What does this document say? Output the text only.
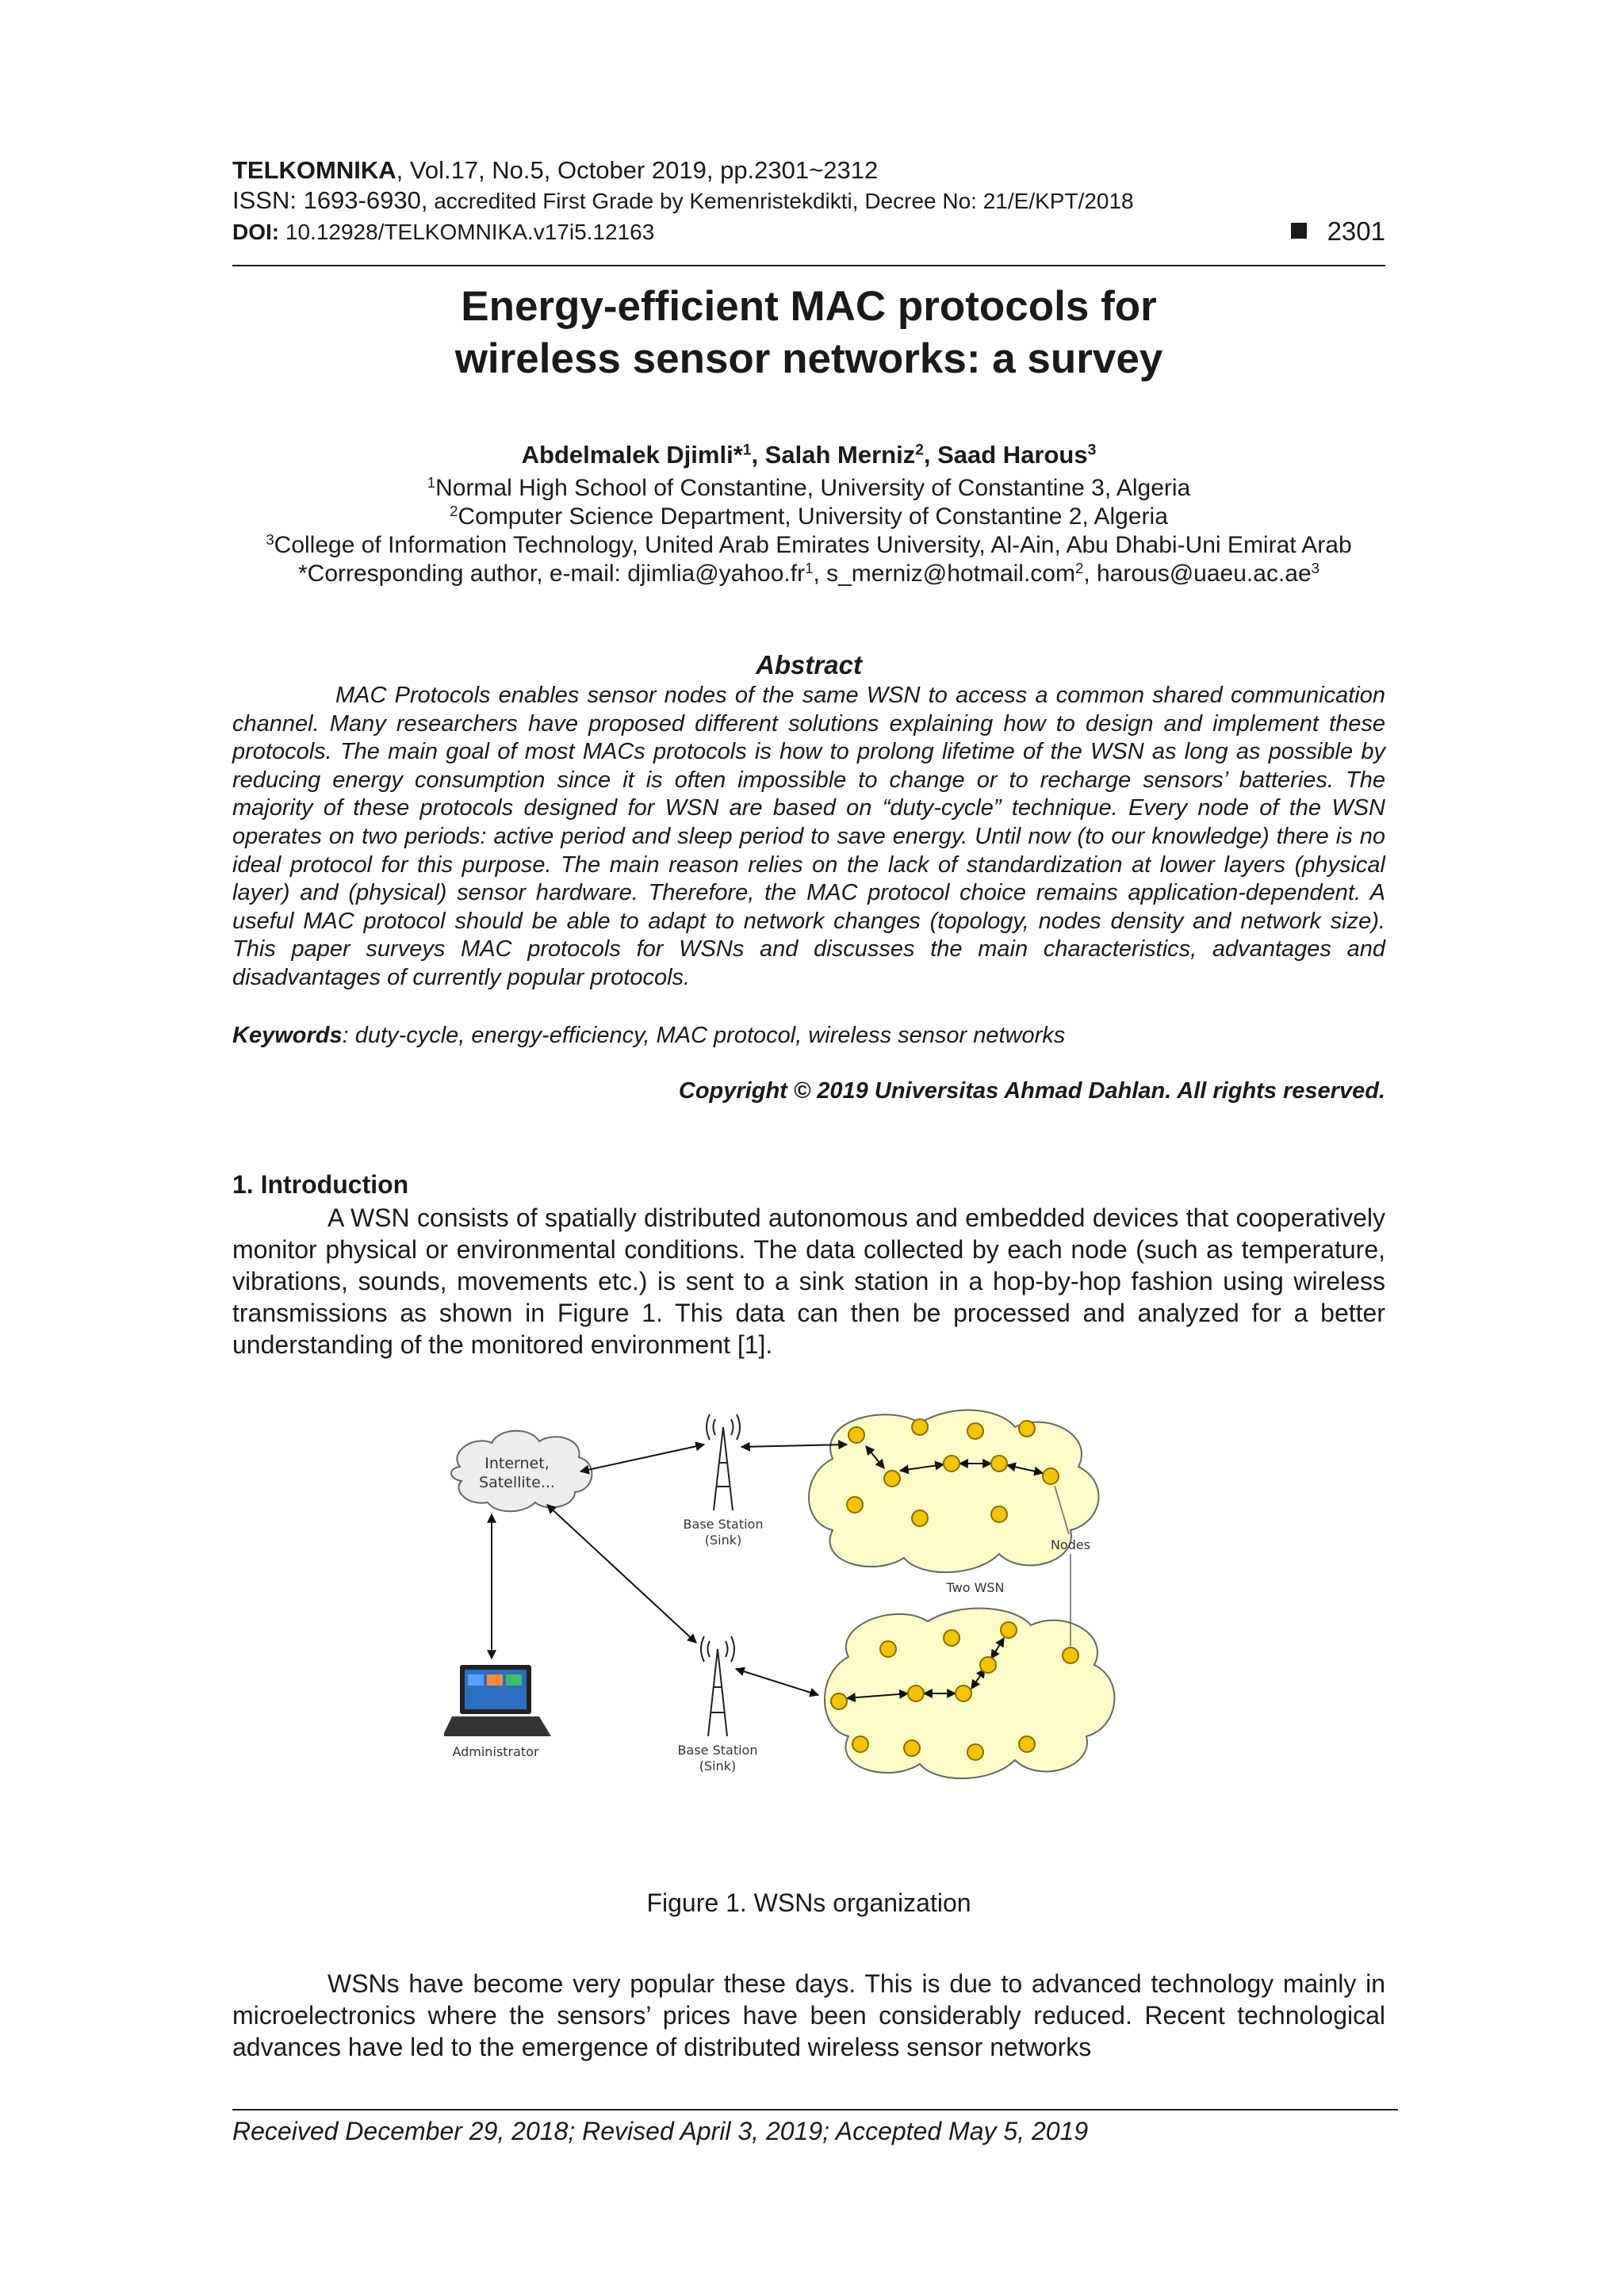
TELKOMNIKA, Vol.17, No.5, October 2019, pp.2301~2312
ISSN: 1693-6930, accredited First Grade by Kemenristekdikti, Decree No: 21/E/KPT/2018
DOI: 10.12928/TELKOMNIKA.v17i5.12163	2301
Energy-efficient MAC protocols for
wireless sensor networks: a survey
Abdelmalek Djimli*$^1$, Salah Merniz$^2$, Saad Harous$^3$
$^1$Normal High School of Constantine, University of Constantine 3, Algeria
$^2$Computer Science Department, University of Constantine 2, Algeria
$^3$College of Information Technology, United Arab Emirates University, Al-Ain, Abu Dhabi-Uni Emirat Arab
*Corresponding author, e-mail: $djimlia@yahoo.fr^1$, s_merniz@hotmail.com$^2$, $harous@uaeu.ac.ae^3$
Abstract

MAC Protocols enables sensor nodes of the same WSN to access a common shared communication channel. Many researchers have proposed different solutions explaining how to design and implement these protocols. The main goal of most MACs protocols is how to prolong lifetime of the WSN as long as possible by reducing energy consumption since it is often impossible to change or to recharge sensors’ batteries. The majority of these protocols designed for WSN are based on “duty-cycle” technique. Every node of the WSN operates on two periods: active period and sleep period to save energy. Until now (to our knowledge) there is no ideal protocol for this purpose. The main reason relies on the lack of standardization at lower layers (physical layer) and (physical) sensor hardware. Therefore, the MAC protocol choice remains application-dependent. A useful MAC protocol should be able to adapt to network changes (topology, nodes density and network size). This paper surveys MAC protocols for WSNs and discusses the main characteristics, advantages and disadvantages of currently popular protocols.

Keywords: duty-cycle, energy-efficiency, MAC protocol, wireless sensor networks
Copyright © 2019 Universitas Ahmad Dahlan. All rights reserved.
1. Introduction

A WSN consists of spatially distributed autonomous and embedded devices that cooperatively monitor physical or environmental conditions. The data collected by each node (such as temperature, vibrations, sounds, movements etc.) is sent to a sink station in a hop-by-hop fashion using wireless transmissions as shown in Figure 1. This data can then be processed and analyzed for a better understanding of the monitored environment [1].

Internet,
Satellite...
Base Station
(Sink)
Base Station
(Sink)
Administrator
Nodes
Two WSN
Figure 1. WSNs organization

WSNs have become very popular these days. This is due to advanced technology mainly in microelectronics where the sensors’ prices have been considerably reduced. Recent technological advances have led to the emergence of distributed wireless sensor networks

Received December 29, 2018; Revised April 3, 2019; Accepted May 5, 2019
